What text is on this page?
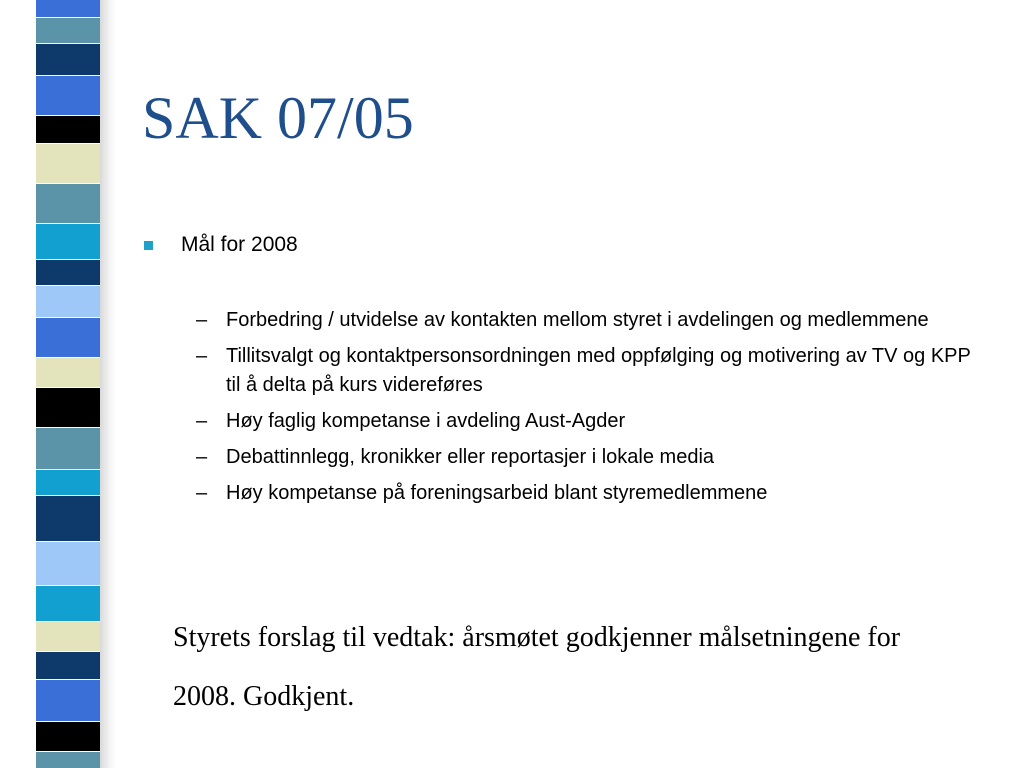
SAK 07/05
Mål for 2008
– Forbedring / utvidelse av kontakten mellom styret i avdelingen og medlemmene
– Tillitsvalgt og kontaktpersonsordningen med oppfølging og motivering av TV og KPP til å delta på kurs videreføres
– Høy faglig kompetanse i avdeling Aust-Agder
– Debattinnlegg, kronikker eller reportasjer i lokale media
– Høy kompetanse på foreningsarbeid blant styremedlemmene

Styrets forslag til vedtak: årsmøtet godkjenner målsetningene for 2008. Godkjent.
